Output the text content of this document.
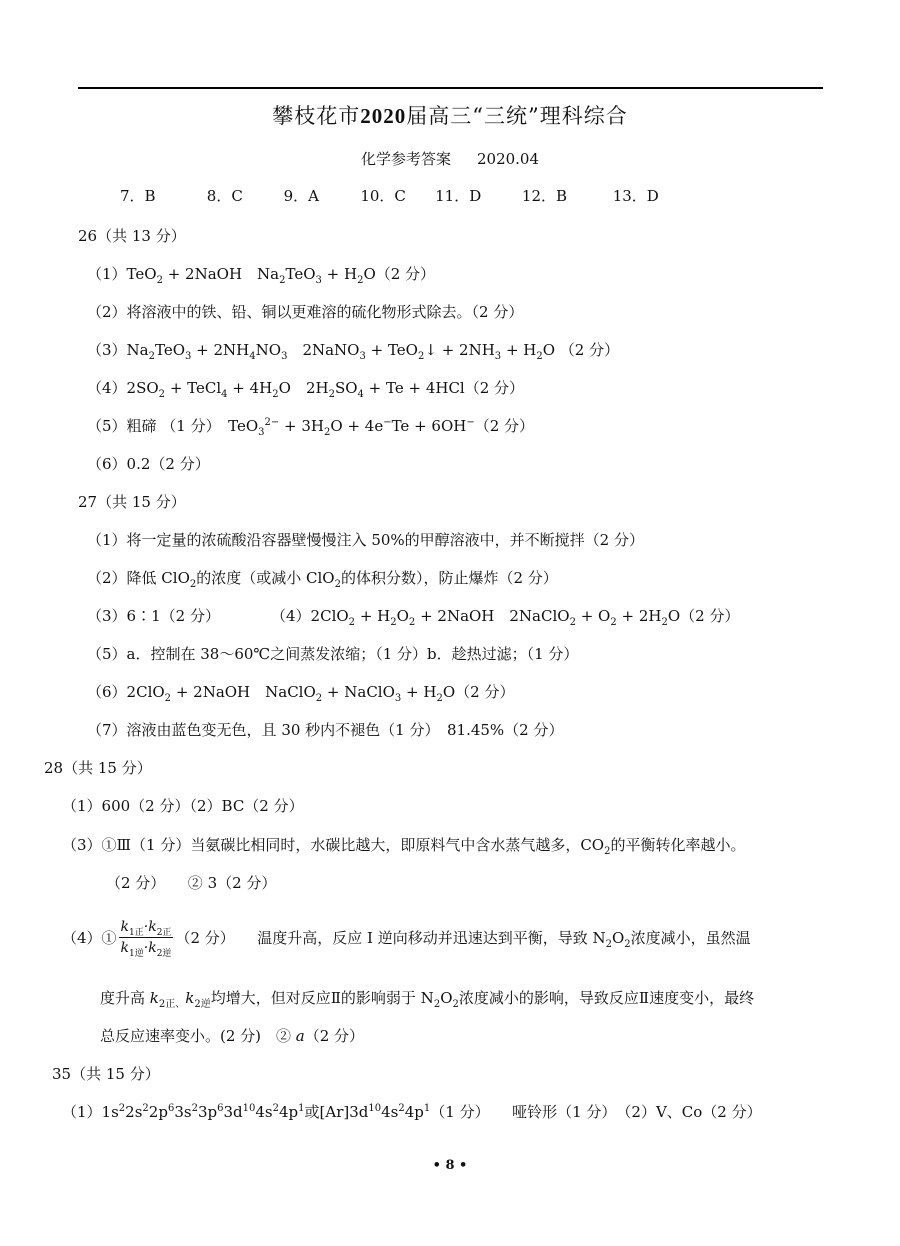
攀枝花市2020届高三“三统”理科综合
化学参考答案 2020.04
7．B	8．C	9．A	10．C 11．D	12．B	13．D
26（共 13 分）
（1）TeO$_2$ + 2NaOH　$Na_2TeO_3 + H_2O(2$ 分）
（2）将溶液中的铁、铅、铜以更难溶的硫化物形式除去。（2 分）
$(3)Na_2TeO_3 + 2NH_4NO_3$　2NaNO$_3$ + TeO$_2$↓ + $2NH_3 + H_2O$ （2 分）
$(4)2SO_2$ + TeCl$_4$ + $4H_2O$　$2H_2SO_4 + Te + 4HCl(2$ 分）
（5）粗碲 （1 分）　$TeO_3^{2-} + 3H_2O + 4e^-Te + 6OH^-(2$ 分）
（6）0.2（2 分）
27（共 15 分）
（1）将一定量的浓硫酸沿容器壁慢慢注入 50%的甲醇溶液中，并不断搅拌（2 分）
（2）降低 ClO$_2$的浓度（或减小 ClO$_2$的体积分数），防止爆炸（2 分）
（3）6∶1（2 分）	$(4)2ClO_2 + H_2O_2$ + 2NaOH　2NaClO$_2$ + $O_2 + 2H_2O(2$ 分）
（5）a．控制在 38～60℃之间蒸发浓缩；（1 分）b．趁热过滤；（1 分）
（6）2ClO$_2$ + 2NaOH　NaClO$_2$ + NaClO$_3$ + $H_2O(2$ 分）
（7）溶液由蓝色变无色，且 30 秒内不褪色（1 分）　81.45%（2 分）
28（共 15 分）
（1）600（2 分）（2）BC（2 分）
（3）①Ⅲ（1 分）当氨碳比相同时，水碳比越大，即原料气中含水蒸气越多，$CO_2$的平衡转化率越小。
（2 分）　　② 3（2 分）
（4）① $\frac{k_{1正}\cdot k_{2正}}{k_{1逆}\cdot k_{2逆}} (2$ 分）　　温度升高，反应 I 逆向移动并迅速达到平衡，导致 $N_2O_2$浓度减小，虽然温
度升高 $k_{2正、}k_{2逆}$均增大，但对反应Ⅱ的影响弱于 $N_2O_2$浓度减小的影响，导致反应Ⅱ速度变小，最终
总反应速率变小。(2 分)　② a（2 分）
35（共 15 分）
$(1)1s^22s^22p^63s^23p^63d^{10}4s^24p^1$或$[Ar]3d^{10}4s^24p^1(1$ 分）　　哑铃形（1 分）　（2）V、Co（2 分）
• 8 •
